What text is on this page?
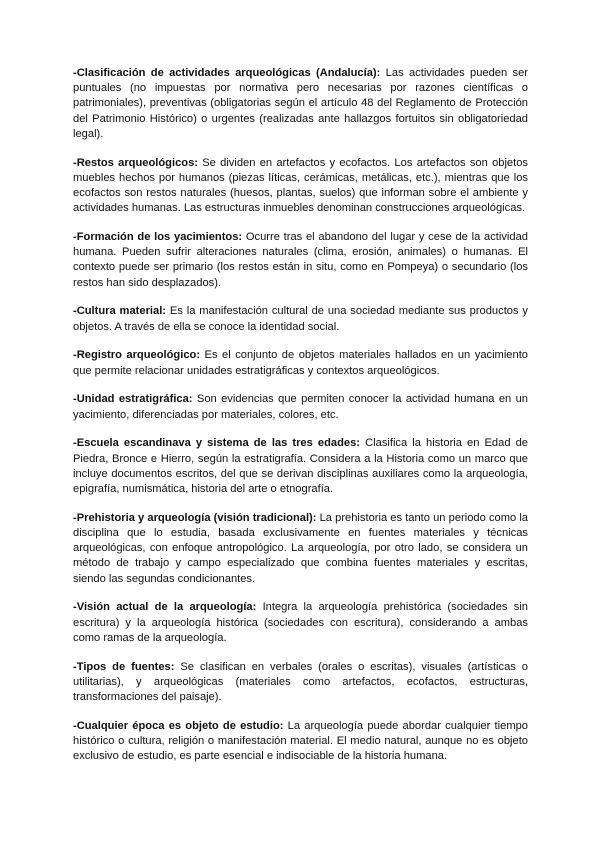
-Clasificación de actividades arqueológicas (Andalucía): Las actividades pueden ser puntuales (no impuestas por normativa pero necesarias por razones científicas o patrimoniales), preventivas (obligatorias según el artículo 48 del Reglamento de Protección del Patrimonio Histórico) o urgentes (realizadas ante hallazgos fortuitos sin obligatoriedad legal).

-Restos arqueológicos: Se dividen en artefactos y ecofactos. Los artefactos son objetos muebles hechos por humanos (piezas líticas, cerámicas, metálicas, etc.), mientras que los ecofactos son restos naturales (huesos, plantas, suelos) que informan sobre el ambiente y actividades humanas. Las estructuras inmuebles denominan construcciones arqueológicas.

-Formación de los yacimientos: Ocurre tras el abandono del lugar y cese de la actividad humana. Pueden sufrir alteraciones naturales (clima, erosión, animales) o humanas. El contexto puede ser primario (los restos están in situ, como en Pompeya) o secundario (los restos han sido desplazados).

-Cultura material: Es la manifestación cultural de una sociedad mediante sus productos y objetos. A través de ella se conoce la identidad social.

-Registro arqueológico: Es el conjunto de objetos materiales hallados en un yacimiento que permite relacionar unidades estratigráficas y contextos arqueológicos.

-Unidad estratigráfica: Son evidencias que permiten conocer la actividad humana en un yacimiento, diferenciadas por materiales, colores, etc.

-Escuela escandinava y sistema de las tres edades: Clasifica la historia en Edad de Piedra, Bronce e Hierro, según la estratigrafía. Considera a la Historia como un marco que incluye documentos escritos, del que se derivan disciplinas auxiliares como la arqueología, epigrafía, numismática, historia del arte o etnografía.

-Prehistoria y arqueología (visión tradicional): La prehistoria es tanto un periodo como la disciplina que lo estudia, basada exclusivamente en fuentes materiales y técnicas arqueológicas, con enfoque antropológico. La arqueología, por otro lado, se considera un método de trabajo y campo especializado que combina fuentes materiales y escritas, siendo las segundas condicionantes.

-Visión actual de la arqueología: Integra la arqueología prehistórica (sociedades sin escritura) y la arqueología histórica (sociedades con escritura), considerando a ambas como ramas de la arqueología.

-Tipos de fuentes: Se clasifican en verbales (orales o escritas), visuales (artísticas o utilitarias), y arqueológicas (materiales como artefactos, ecofactos, estructuras, transformaciones del paisaje).

-Cualquier época es objeto de estudio: La arqueología puede abordar cualquier tiempo histórico o cultura, religión o manifestación material. El medio natural, aunque no es objeto exclusivo de estudio, es parte esencial e indisociable de la historia humana.
